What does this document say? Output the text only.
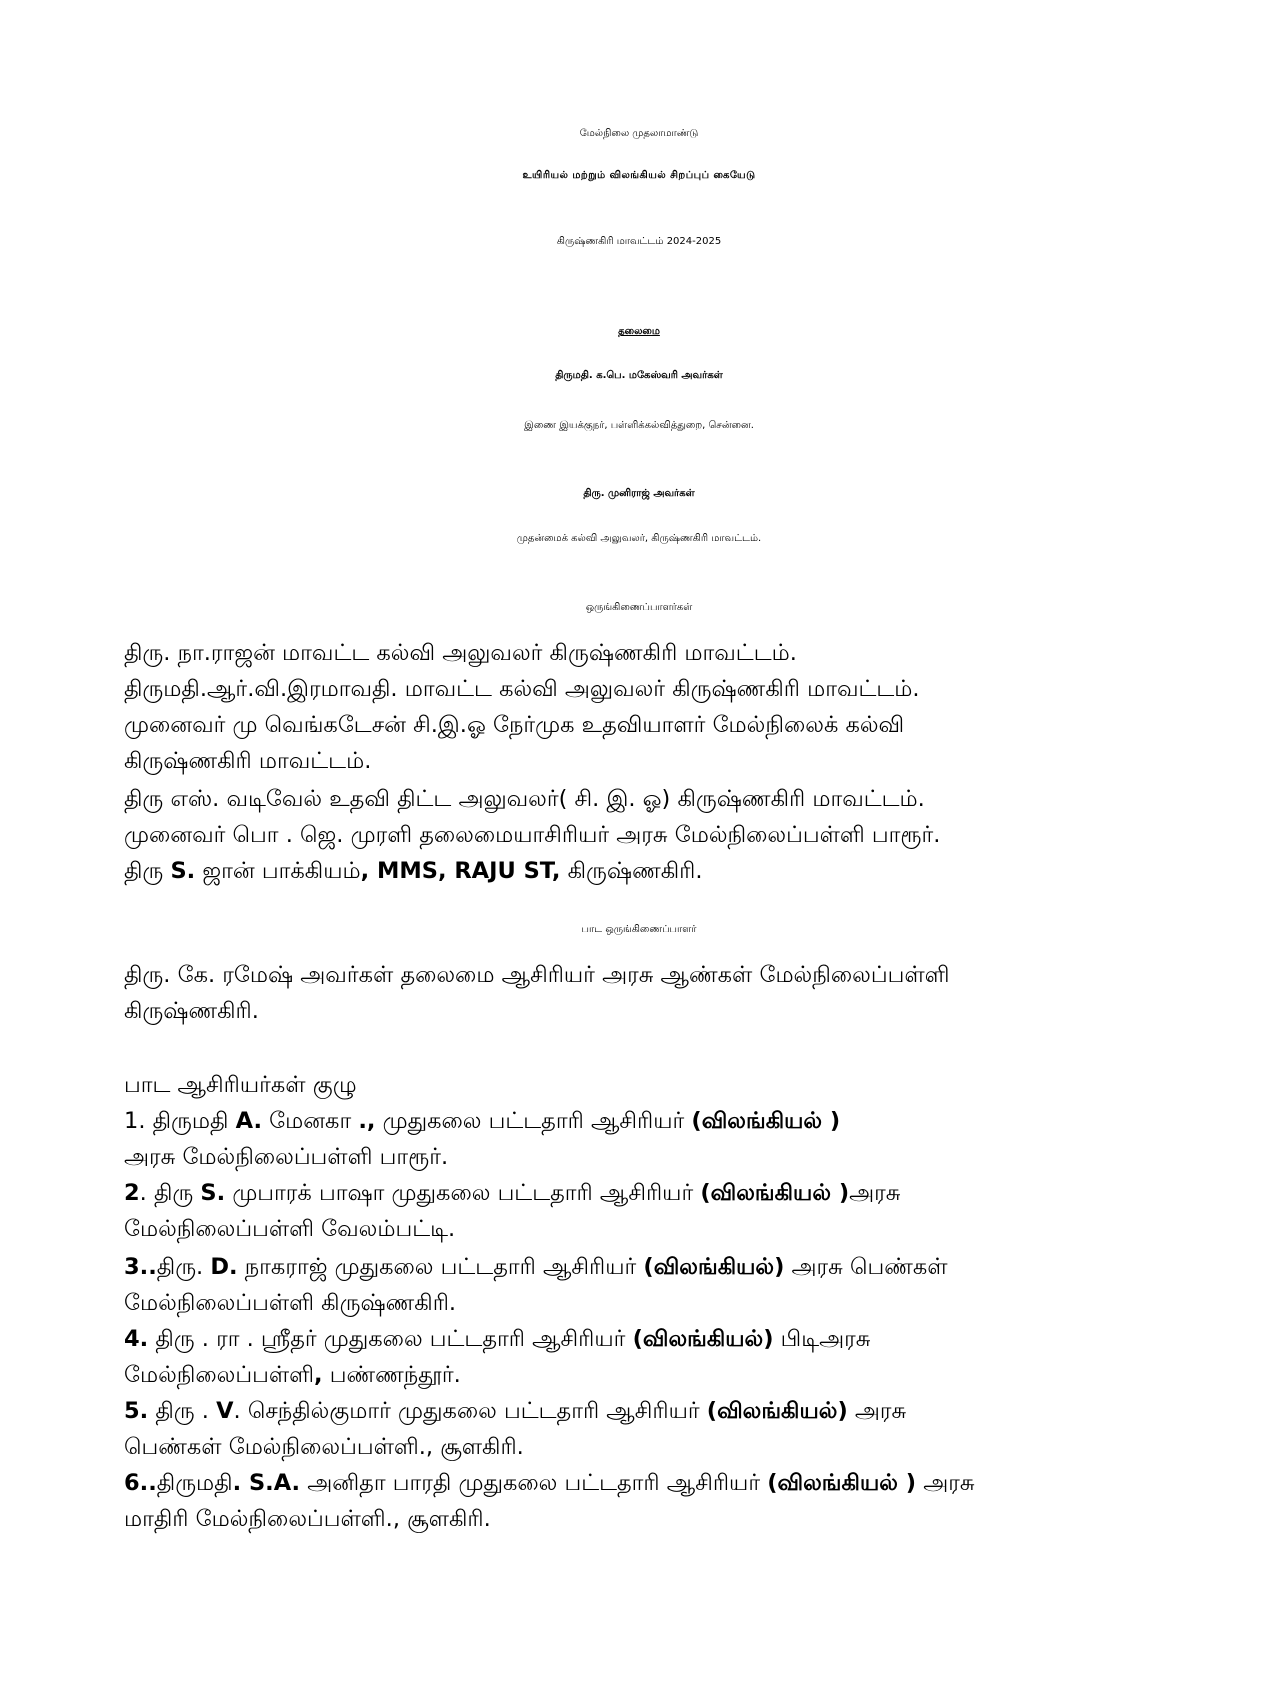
மேல்நிலை முதலாமாண்டு
உயிரியல் மற்றும் விலங்கியல் சிறப்புப் கையேடு
கிருஷ்ணகிரி மாவட்டம் 2024-2025
தலைமை
திருமதி. க.பெ. மகேஸ்வரி அவர்கள்
இணை இயக்குநர், பள்ளிக்கல்வித்துறை, சென்னை.
திரு. முனிராஜ் அவர்கள்
முதன்மைக் கல்வி அலுவலர், கிருஷ்ணகிரி மாவட்டம்.
ஒருங்கிணைப்பாளர்கள்
திரு. நா.ராஜன் மாவட்ட கல்வி அலுவலர் கிருஷ்ணகிரி மாவட்டம்.
திருமதி.ஆர்.வி.இரமாவதி. மாவட்ட கல்வி அலுவலர் கிருஷ்ணகிரி மாவட்டம்.
முனைவர் மு வெங்கடேசன் சி.இ.ஓ நேர்முக உதவியாளர் மேல்நிலைக் கல்வி
கிருஷ்ணகிரி மாவட்டம்.
திரு எஸ். வடிவேல் உதவி திட்ட அலுவலர்( சி. இ. ஓ) கிருஷ்ணகிரி மாவட்டம்.
முனைவர் பொ . ஜெ. முரளி தலைமையாசிரியர் அரசு மேல்நிலைப்பள்ளி பாரூர்.
திரு S. ஜான் பாக்கியம், MMS, RAJU ST, கிருஷ்ணகிரி.
பாட ஒருங்கிணைப்பாளர்
திரு. கே. ரமேஷ் அவர்கள் தலைமை ஆசிரியர் அரசு ஆண்கள் மேல்நிலைப்பள்ளி
கிருஷ்ணகிரி.
பாட ஆசிரியர்கள் குழு
1. திருமதி A. மேனகா ., முதுகலை பட்டதாரி ஆசிரியர் (விலங்கியல் )
அரசு மேல்நிலைப்பள்ளி பாரூர்.
2. திரு S. முபாரக் பாஷா முதுகலை பட்டதாரி ஆசிரியர் (விலங்கியல் )அரசு
மேல்நிலைப்பள்ளி வேலம்பட்டி.
3..திரு. D. நாகராஜ் முதுகலை பட்டதாரி ஆசிரியர் (விலங்கியல்) அரசு பெண்கள்
மேல்நிலைப்பள்ளி கிருஷ்ணகிரி.
4. திரு . ரா . ஸ்ரீதர் முதுகலை பட்டதாரி ஆசிரியர் (விலங்கியல்) பிடிஅரசு
மேல்நிலைப்பள்ளி, பண்ணந்தூர்.
5. திரு . V. செந்தில்குமார் முதுகலை பட்டதாரி ஆசிரியர் (விலங்கியல்) அரசு
பெண்கள் மேல்நிலைப்பள்ளி., சூளகிரி.
6..திருமதி. S.A. அனிதா பாரதி முதுகலை பட்டதாரி ஆசிரியர் (விலங்கியல் ) அரசு
மாதிரி மேல்நிலைப்பள்ளி., சூளகிரி.
